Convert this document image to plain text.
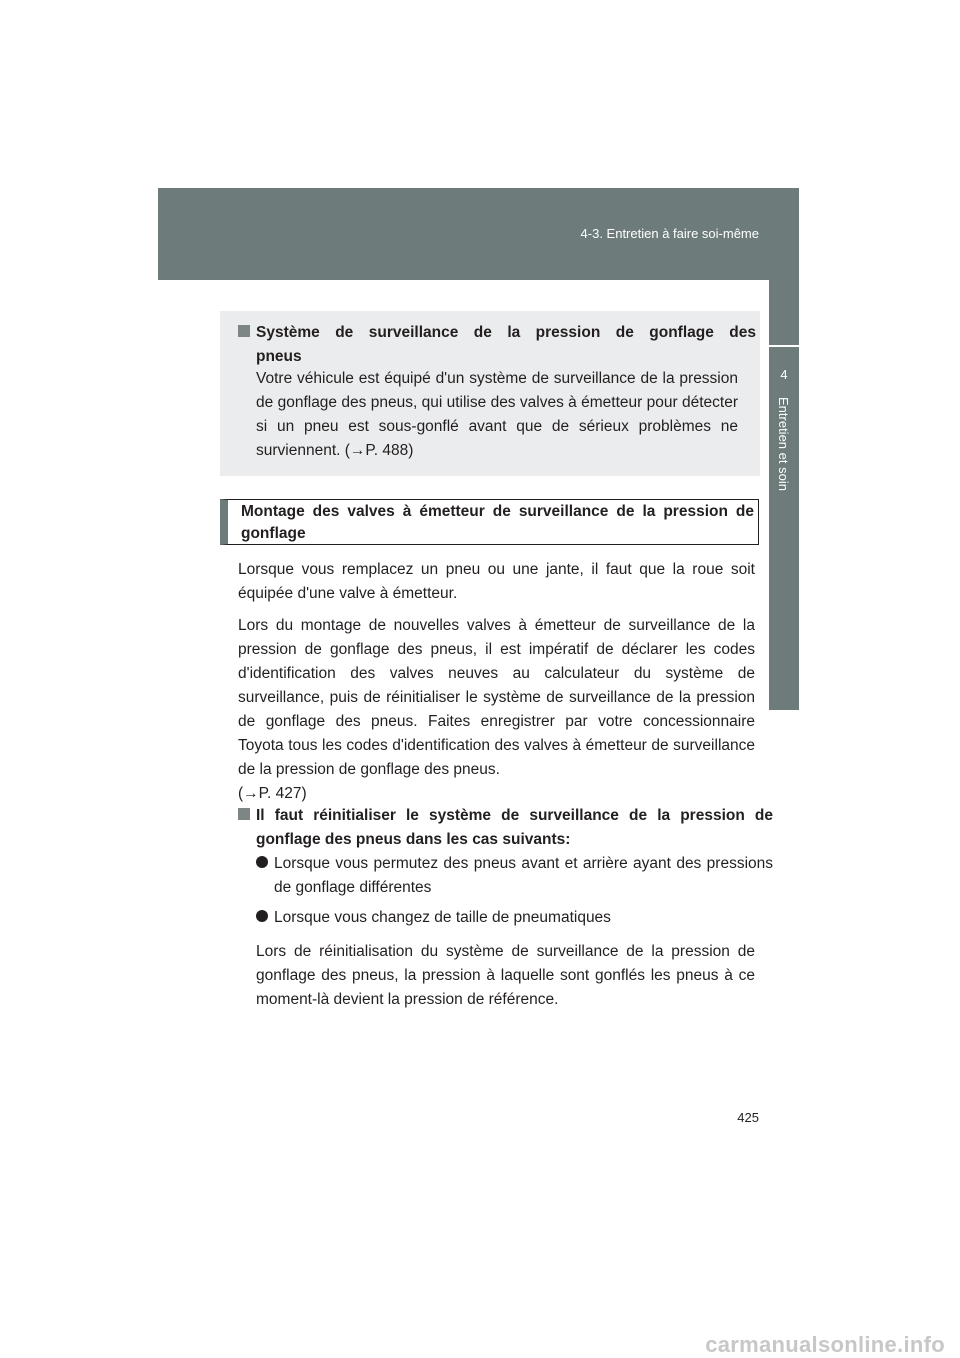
4-3. Entretien à faire soi-même
4
Entretien et soin
Système de surveillance de la pression de gonflage des
pneus
Votre véhicule est équipé d'un système de surveillance de la pression de gonflage des pneus, qui utilise des valves à émetteur pour détecter si un pneu est sous-gonflé avant que de sérieux problèmes ne surviennent. (→P. 488)
Montage des valves à émetteur de surveillance de la pression de gonflage
Lorsque vous remplacez un pneu ou une jante, il faut que la roue soit équipée d'une valve à émetteur.
Lors du montage de nouvelles valves à émetteur de surveillance de la pression de gonflage des pneus, il est impératif de déclarer les codes d'identification des valves neuves au calculateur du système de surveillance, puis de réinitialiser le système de surveillance de la pression de gonflage des pneus. Faites enregistrer par votre concessionnaire Toyota tous les codes d'identification des valves à émetteur de surveillance de la pression de gonflage des pneus.
(→P. 427)
Il faut réinitialiser le système de surveillance de la pression de gonflage des pneus dans les cas suivants:
Lorsque vous permutez des pneus avant et arrière ayant des pressions de gonflage différentes
Lorsque vous changez de taille de pneumatiques
Lors de réinitialisation du système de surveillance de la pression de gonflage des pneus, la pression à laquelle sont gonflés les pneus à ce moment-là devient la pression de référence.
425
carmanualsonline.info
